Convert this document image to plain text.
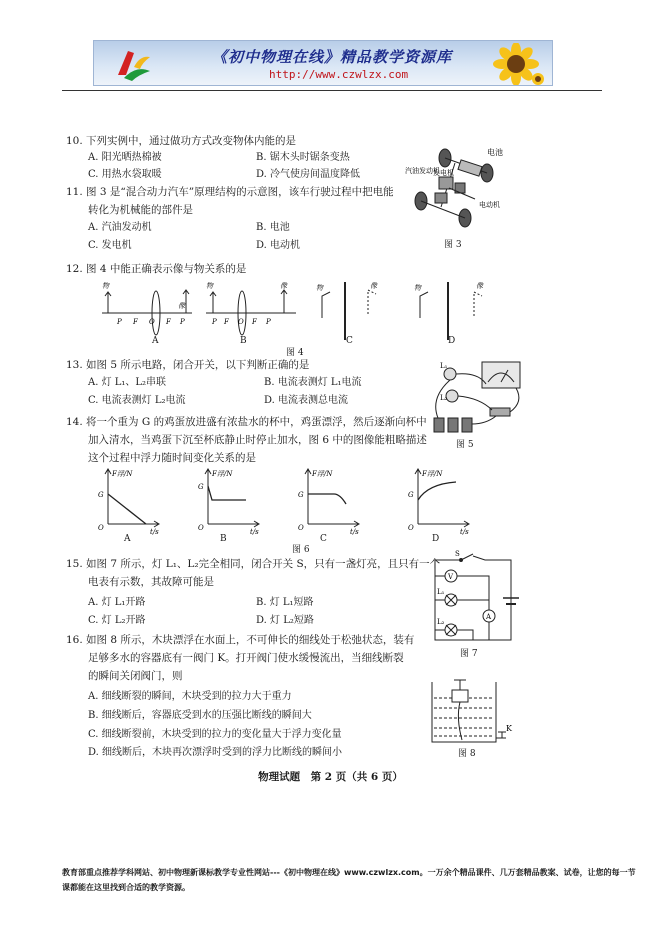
《初中物理在线》精品教学资源库
http://www.czwlzx.com
10. 下列实例中，通过做功方式改变物体内能的是
A. 阳光晒热棉被	B. 锯木头时锯条变热
C. 用热水袋取暖	D. 冷气使房间温度降低
11. 图 3 是“混合动力汽车”原理结构的示意图，该车行驶过程中把电能
转化为机械能的部件是
A. 汽油发动机	B. 电池
C. 发电机	D. 电动机
电池
汽油发动机
发电机
电动机
图 3
12. 图 4 中能正确表示像与物关系的是
物
像
P F O F P
物	像
P F O F P
物	像	物	像
A	B	C	D
图 4
13. 如图 5 所示电路，闭合开关，以下判断正确的是
A. 灯 L₁、L₂串联	B. 电流表测灯 L₁电流
C. 电流表测灯 L₂电流	D. 电流表测总电流
L₁
L₂
图 5
14. 将一个重为 G 的鸡蛋放进盛有浓盐水的杯中，鸡蛋漂浮，然后逐渐向杯中
加入清水，当鸡蛋下沉至杯底静止时停止加水，图 6 中的图像能粗略描述
这个过程中浮力随时间变化关系的是
F浮/N
G
O	t/s
F浮/N
G
O	t/s
F浮/N
G
O	t/s
F浮/N
G
O	t/s
A	B	C	D
图 6
15. 如图 7 所示，灯 L₁、L₂完全相同，闭合开关 S，只有一盏灯亮，且只有一个
电表有示数，其故障可能是
A. 灯 L₁开路	B. 灯 L₁短路
C. 灯 L₂开路	D. 灯 L₂短路
S
V
L₁
L₂
A
图 7
16. 如图 8 所示，木块漂浮在水面上，不可伸长的细线处于松弛状态，装有
足够多水的容器底有一阀门 K。打开阀门使水缓慢流出，当细线断裂
的瞬间关闭阀门，则
A. 细线断裂的瞬间，木块受到的拉力大于重力
B. 细线断后，容器底受到水的压强比断线的瞬间大
C. 细线断裂前，木块受到的拉力的变化量大于浮力变化量
D. 细线断后，木块再次漂浮时受到的浮力比断线的瞬间小
K
图 8
物理试题　第 2 页（共 6 页）
教育部重点推荐学科网站、初中物理新课标教学专业性网站---《初中物理在线》www.czwlzx.com。一万余个精品课件、几万套精品教案、试卷，让您的每一节课都能在这里找到合适的教学资源。
